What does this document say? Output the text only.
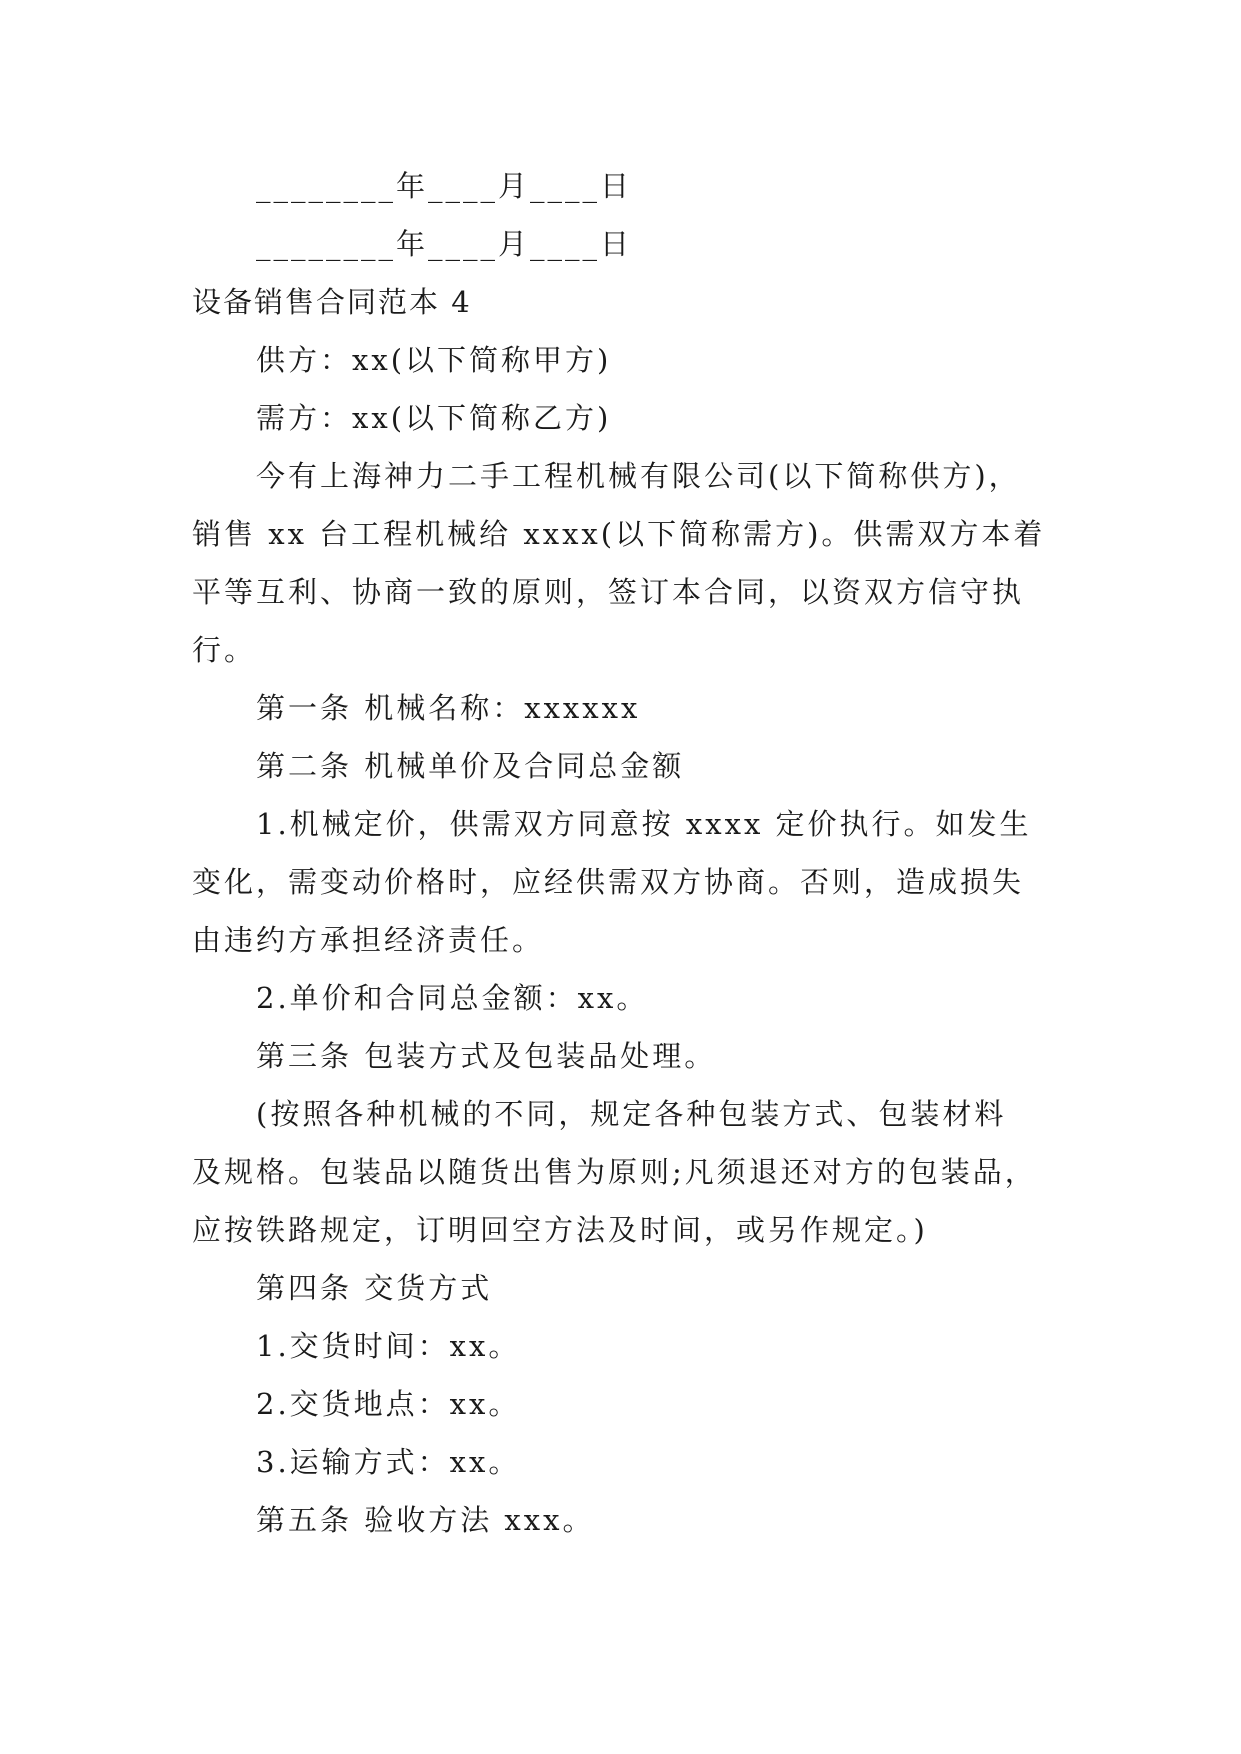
________年____月____日
________年____月____日
设备销售合同范本 4
供方：xx(以下简称甲方)
需方：xx(以下简称乙方)
今有上海神力二手工程机械有限公司(以下简称供方)，
销售 xx 台工程机械给 xxxx(以下简称需方)。供需双方本着
平等互利、协商一致的原则，签订本合同，以资双方信守执
行。
第一条 机械名称：xxxxxx
第二条 机械单价及合同总金额
1.机械定价，供需双方同意按 xxxx 定价执行。如发生
变化，需变动价格时，应经供需双方协商。否则，造成损失
由违约方承担经济责任。
2.单价和合同总金额：xx。
第三条 包装方式及包装品处理。
(按照各种机械的不同，规定各种包装方式、包装材料
及规格。包装品以随货出售为原则;凡须退还对方的包装品，
应按铁路规定，订明回空方法及时间，或另作规定。)
第四条 交货方式
1.交货时间：xx。
2.交货地点：xx。
3.运输方式：xx。
第五条 验收方法 xxx。
